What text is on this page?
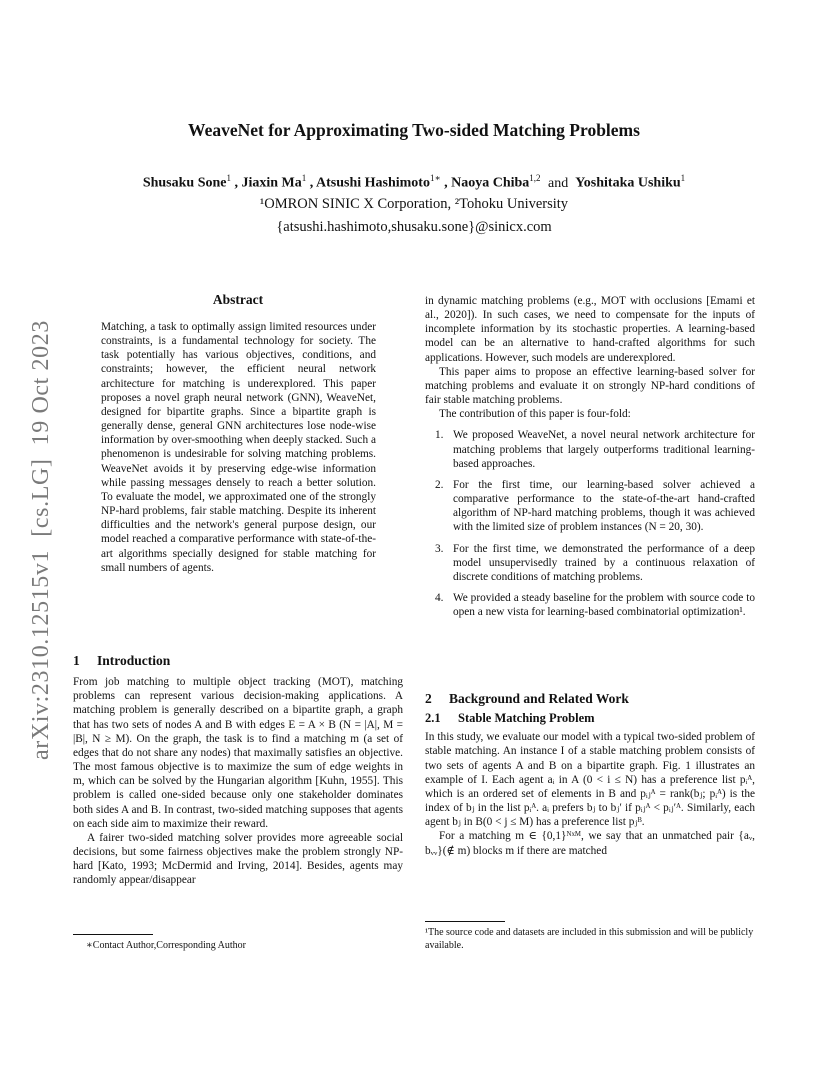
WeaveNet for Approximating Two-sided Matching Problems
Shusaku Sone$^1$ , Jiaxin Ma$^1$ , Atsushi Hashimoto$^{1∗}$ , Naoya Chiba$^{1,2}$ and Yoshitaka Ushiku$^1$
¹OMRON SINIC X Corporation, ²Tohoku University
{atsushi.hashimoto,shusaku.sone}@sinicx.com
arXiv:2310.12515v1  [cs.LG]  19 Oct 2023
Abstract
Matching, a task to optimally assign limited resources under constraints, is a fundamental technology for society. The task potentially has various objectives, conditions, and constraints; however, the efficient neural network architecture for matching is underexplored. This paper proposes a novel graph neural network (GNN), WeaveNet, designed for bipartite graphs. Since a bipartite graph is generally dense, general GNN architectures lose node-wise information by over-smoothing when deeply stacked. Such a phenomenon is undesirable for solving matching problems. WeaveNet avoids it by preserving edge-wise information while passing messages densely to reach a better solution. To evaluate the model, we approximated one of the strongly NP-hard problems, fair stable matching. Despite its inherent difficulties and the network's general purpose design, our model reached a comparative performance with state-of-the-art algorithms specially designed for stable matching for small numbers of agents.
1 Introduction

From job matching to multiple object tracking (MOT), matching problems can represent various decision-making applications. A matching problem is generally described on a bipartite graph, a graph that has two sets of nodes A and B with edges E = A × B (N = |A|, M = |B|, N ≥ M). On the graph, the task is to find a matching m (a set of edges that do not share any nodes) that maximally satisfies an objective. The most famous objective is to maximize the sum of edge weights in m, which can be solved by the Hungarian algorithm [Kuhn, 1955]. This problem is called one-sided because only one stakeholder dominates both sides A and B. In contrast, two-sided matching supposes that agents on each side aim to maximize their reward.

A fairer two-sided matching solver provides more agreeable social decisions, but some fairness objectives make the problem strongly NP-hard [Kato, 1993; McDermid and Irving, 2014]. Besides, agents may randomly appear/disappear

∗Contact Author,Corresponding Author

in dynamic matching problems (e.g., MOT with occlusions [Emami et al., 2020]). In such cases, we need to compensate for the inputs of incomplete information by its stochastic properties. A learning-based model can be an alternative to hand-crafted algorithms for such applications. However, such models are underexplored.

This paper aims to propose an effective learning-based solver for matching problems and evaluate it on strongly NP-hard conditions of fair stable matching problems.

The contribution of this paper is four-fold:

1. We proposed WeaveNet, a novel neural network architecture for matching problems that largely outperforms traditional learning-based approaches.
2. For the first time, our learning-based solver achieved a comparative performance to the state-of-the-art hand-crafted algorithm of NP-hard matching problems, though it was achieved with the limited size of problem instances (N = 20, 30).
3. For the first time, we demonstrated the performance of a deep model unsupervisedly trained by a continuous relaxation of discrete conditions of matching problems.
4. We provided a steady baseline for the problem with source code to open a new vista for learning-based combinatorial optimization¹.
2 Background and Related Work
2.1 Stable Matching Problem

In this study, we evaluate our model with a typical two-sided problem of stable matching. An instance I of a stable matching problem consists of two sets of agents A and B on a bipartite graph. Fig. 1 illustrates an example of I. Each agent aᵢ in A (0 < i ≤ N) has a preference list pᵢᴬ, which is an ordered set of elements in B and pᵢⱼᴬ = rank(bⱼ; pᵢᴬ) is the index of bⱼ in the list pᵢᴬ. aᵢ prefers bⱼ to bⱼ′ if pᵢⱼᴬ < pᵢⱼ′ᴬ. Similarly, each agent bⱼ in B(0 < j ≤ M) has a preference list pⱼᴮ.

For a matching m ∈ {0,1}ᴺˣᴹ, we say that an unmatched pair {aᵥ, bᵥᵥ}(∉ m) blocks m if there are matched

¹The source code and datasets are included in this submission and will be publicly available.
